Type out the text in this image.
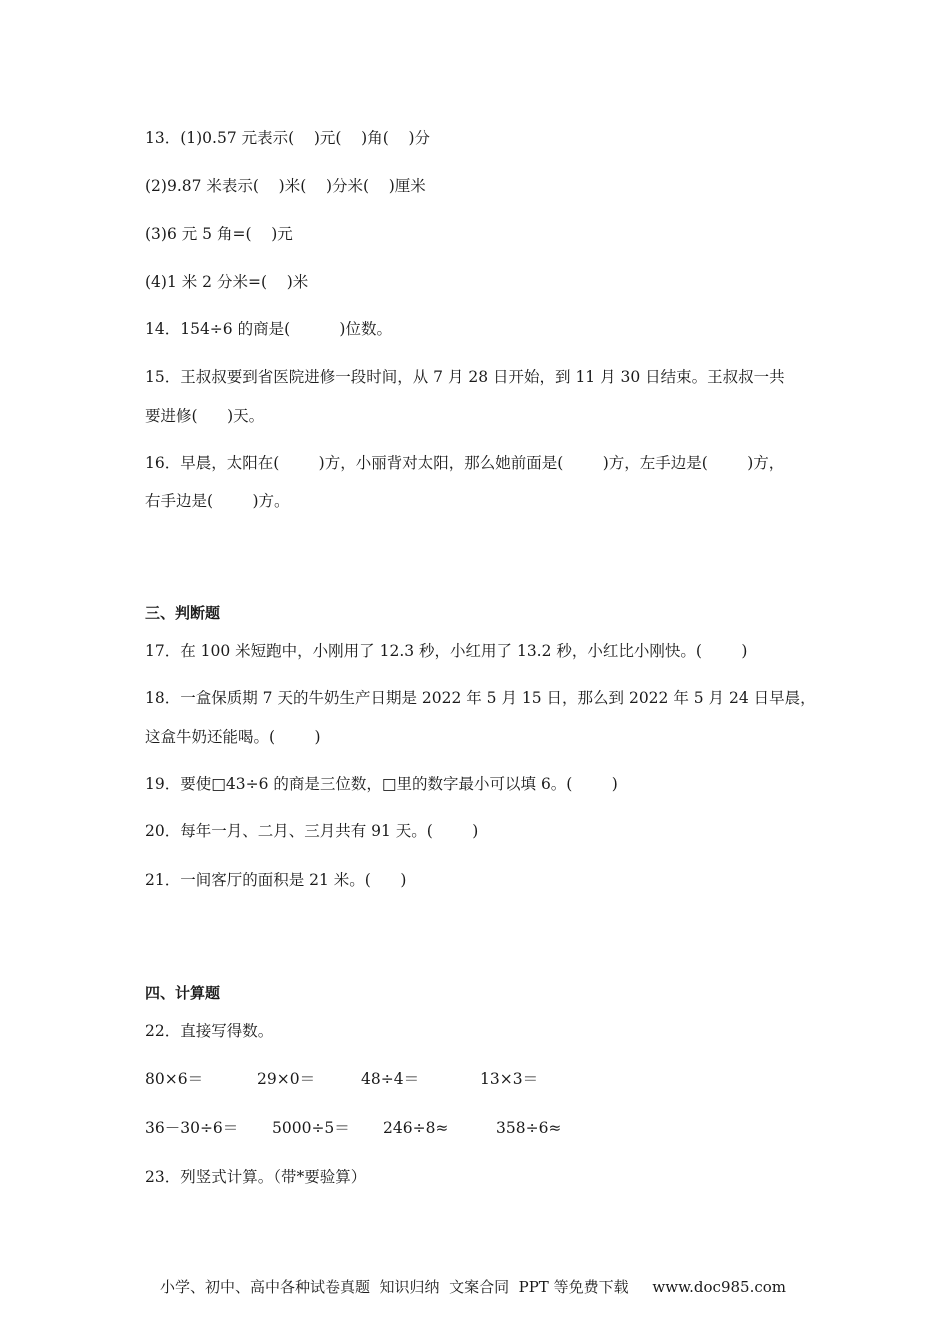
13．(1)0.57 元表示(    )元(    )角(    )分
(2)9.87 米表示(    )米(    )分米(    )厘米
(3)6 元 5 角=(    )元
(4)1 米 2 分米=(    )米
14．154÷6 的商是(          )位数。
15．王叔叔要到省医院进修一段时间，从 7 月 28 日开始，到 11 月 30 日结束。王叔叔一共
要进修(      )天。
16．早晨，太阳在(        )方，小丽背对太阳，那么她前面是(        )方，左手边是(        )方，
右手边是(        )方。
三、判断题
17．在 100 米短跑中，小刚用了 12.3 秒，小红用了 13.2 秒，小红比小刚快。(        )
18．一盒保质期 7 天的牛奶生产日期是 2022 年 5 月 15 日，那么到 2022 年 5 月 24 日早晨，
这盒牛奶还能喝。(        )
19．要使□43÷6 的商是三位数，□里的数字最小可以填 6。(        )
20．每年一月、二月、三月共有 91 天。(        )
21．一间客厅的面积是 21 米。(      )
四、计算题
22．直接写得数。
80×6＝	29×0＝	48÷4＝	13×3＝
36－30÷6＝ 5000÷5＝ 246÷8≈	358÷6≈
23．列竖式计算。（带*要验算）
小学、初中、高中各种试卷真题  知识归纳  文案合同  PPT 等免费下载     www.doc985.com
